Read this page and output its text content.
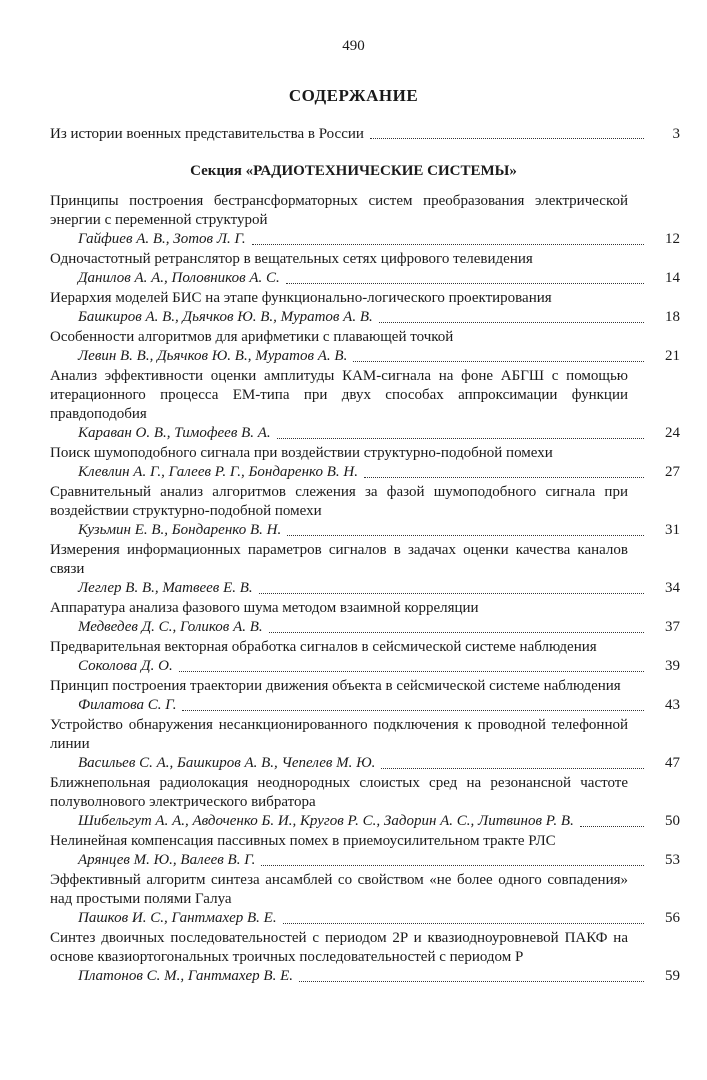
490
СОДЕРЖАНИЕ
Из истории военных представительства в России	3
Секция «РАДИОТЕХНИЧЕСКИЕ СИСТЕМЫ»
Принципы построения бестрансформаторных систем преобразования электрической энергии с переменной структурой
Гайфиев А. В., Зотов Л. Г.	12
Одночастотный ретранслятор в вещательных сетях цифрового телевидения
Данилов А. А., Половников А. С.	14
Иерархия моделей БИС на этапе функционально-логического проектирования
Башкиров А. В., Дьячков Ю. В., Муратов А. В.	18
Особенности алгоритмов для арифметики с плавающей точкой
Левин В. В., Дьячков Ю. В., Муратов А. В.	21
Анализ эффективности оценки амплитуды КАМ-сигнала на фоне АБГШ с помощью итерационного процесса ЕМ-типа при двух способах аппроксимации функции правдоподобия
Караван О. В., Тимофеев В. А.	24
Поиск шумоподобного сигнала при воздействии структурно-подобной помехи
Клевлин А. Г., Галеев Р. Г., Бондаренко В. Н.	27
Сравнительный анализ алгоритмов слежения за фазой шумоподобного сигнала при воздействии структурно-подобной помехи
Кузьмин Е. В., Бондаренко В. Н.	31
Измерения информационных параметров сигналов в задачах оценки качества каналов связи
Леглер В. В., Матвеев Е. В.	34
Аппаратура анализа фазового шума методом взаимной корреляции
Медведев Д. С., Голиков А. В.	37
Предварительная векторная обработка сигналов в сейсмической системе наблюдения
Соколова Д. О.	39
Принцип построения траектории движения объекта в сейсмической системе наблюдения
Филатова С. Г.	43
Устройство обнаружения несанкционированного подключения к проводной телефонной линии
Васильев С. А., Башкиров А. В., Чепелев М. Ю.	47
Ближнепольная радиолокация неоднородных слоистых сред на резонансной частоте полуволнового электрического вибратора
Шибельгут А. А., Авдоченко Б. И., Кругов Р. С., Задорин А. С., Литвинов Р. В.	50
Нелинейная компенсация пассивных помех в приемоусилительном тракте РЛС
Арянцев М. Ю., Валеев В. Г.	53
Эффективный алгоритм синтеза ансамблей со свойством «не более одного совпадения» над простыми полями Галуа
Пашков И. С., Гантмахер В. Е.	56
Синтез двоичных последовательностей с периодом 2P и квазиодноуровневой ПАКФ на основе квазиортогональных троичных последовательностей с периодом P
Платонов С. М., Гантмахер В. Е.	59
